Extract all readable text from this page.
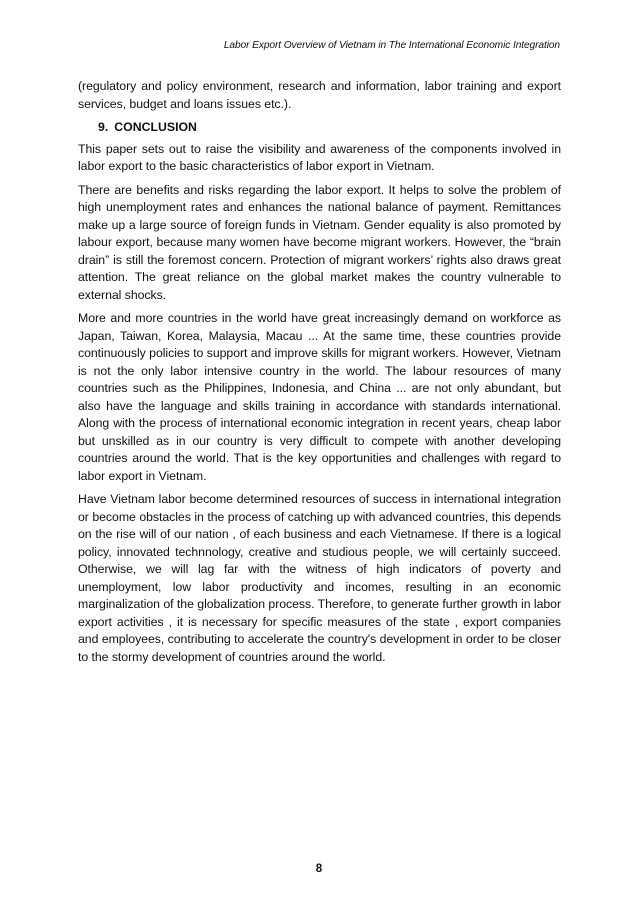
Labor Export Overview of Vietnam in The International Economic Integration

(regulatory and policy environment, research and information, labor training and export services, budget and loans issues etc.).

9. CONCLUSION

This paper sets out to raise the visibility and awareness of the components involved in labor export to the basic characteristics of labor export in Vietnam.

There are benefits and risks regarding the labor export. It helps to solve the problem of high unemployment rates and enhances the national balance of payment. Remittances make up a large source of foreign funds in Vietnam. Gender equality is also promoted by labour export, because many women have become migrant workers. However, the “brain drain” is still the foremost concern. Protection of migrant workers’ rights also draws great attention. The great reliance on the global market makes the country vulnerable to external shocks.

More and more countries in the world have great increasingly demand on workforce as Japan, Taiwan, Korea, Malaysia, Macau ... At the same time, these countries provide continuously policies to support and improve skills for migrant workers. However, Vietnam is not the only labor intensive country in the world. The labour resources of many countries such as the Philippines, Indonesia, and China ... are not only abundant, but also have the language and skills training in accordance with standards international. Along with the process of international economic integration in recent years, cheap labor but unskilled as in our country is very difficult to compete with another developing countries around the world. That is the key opportunities and challenges with regard to labor export in Vietnam.

Have Vietnam labor become determined resources of success in international integration or become obstacles in the process of catching up with advanced countries, this depends on the rise will of our nation , of each business and each Vietnamese. If there is a logical policy, innovated technnology, creative and studious people, we will certainly succeed. Otherwise, we will lag far with the witness of high indicators of poverty and unemployment, low labor productivity and incomes, resulting in an economic marginalization of the globalization process. Therefore, to generate further growth in labor export activities , it is necessary for specific measures of the state , export companies and employees, contributing to accelerate the country's development in order to be closer to the stormy development of countries around the world.

8
